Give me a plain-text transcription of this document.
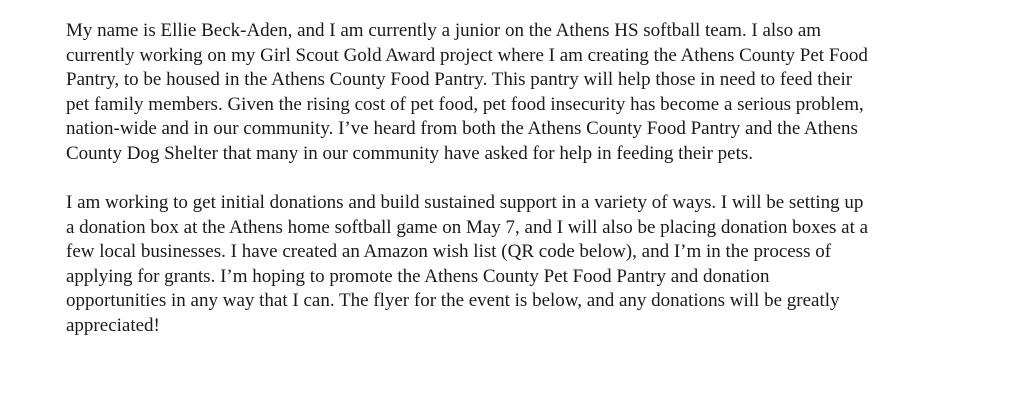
My name is Ellie Beck-Aden, and I am currently a junior on the Athens HS softball team. I also am
currently working on my Girl Scout Gold Award project where I am creating the Athens County Pet Food
Pantry, to be housed in the Athens County Food Pantry. This pantry will help those in need to feed their
pet family members. Given the rising cost of pet food, pet food insecurity has become a serious problem,
nation-wide and in our community. I’ve heard from both the Athens County Food Pantry and the Athens
County Dog Shelter that many in our community have asked for help in feeding their pets.

I am working to get initial donations and build sustained support in a variety of ways. I will be setting up
a donation box at the Athens home softball game on May 7, and I will also be placing donation boxes at a
few local businesses. I have created an Amazon wish list (QR code below), and I’m in the process of
applying for grants. I’m hoping to promote the Athens County Pet Food Pantry and donation
opportunities in any way that I can. The flyer for the event is below, and any donations will be greatly
appreciated!
